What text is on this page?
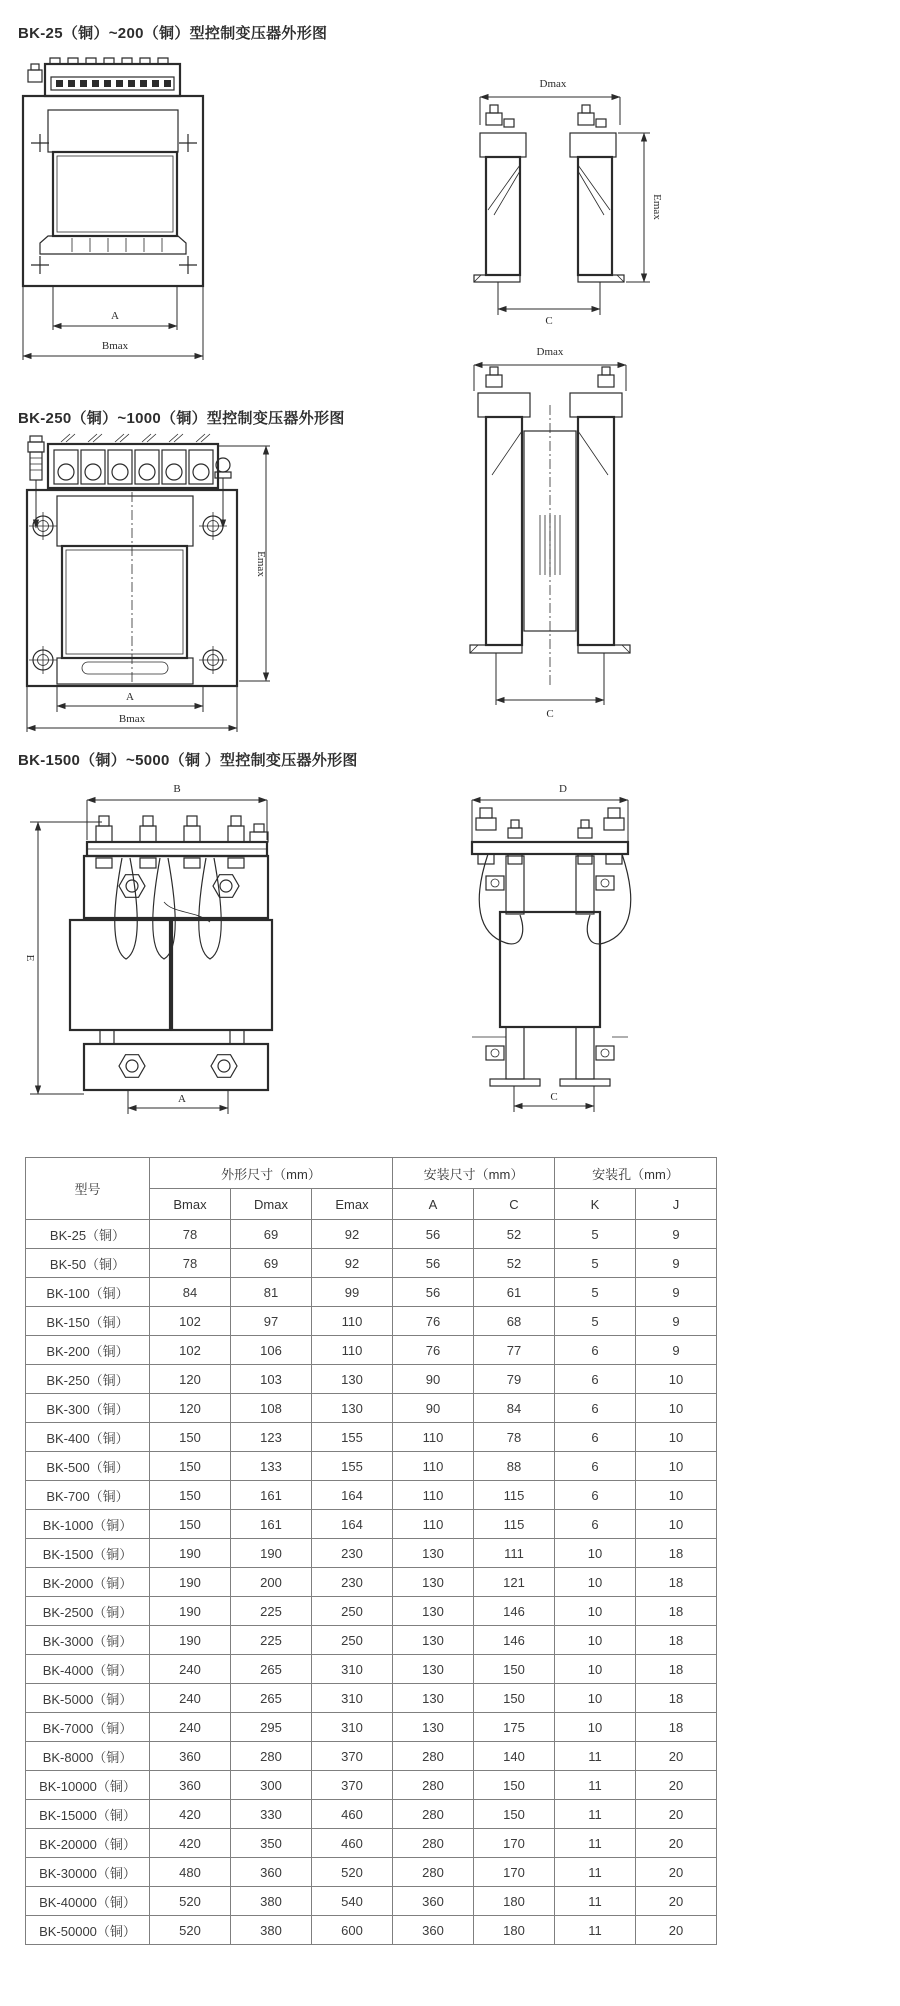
BK-25（铜）~200（铜）型控制变压器外形图
A
Bmax
Dmax
Emax
C
BK-250（铜）~1000（铜）型控制变压器外形图
Emax
A
Bmax
Dmax
C
BK-1500（铜）~5000（铜 ）型控制变压器外形图
B
E
A
D
C
型号	外形尺寸（mm）			安装尺寸（mm）		安装孔（mm）	
	Bmax	Dmax	Emax	A	C	K	J
BK-25（铜）	78	69	92	56	52	5	9
BK-50（铜）	78	69	92	56	52	5	9
BK-100（铜）	84	81	99	56	61	5	9
BK-150（铜）	102	97	110	76	68	5	9
BK-200（铜）	102	106	110	76	77	6	9
BK-250（铜）	120	103	130	90	79	6	10
BK-300（铜）	120	108	130	90	84	6	10
BK-400（铜）	150	123	155	110	78	6	10
BK-500（铜）	150	133	155	110	88	6	10
BK-700（铜）	150	161	164	110	115	6	10
BK-1000（铜）	150	161	164	110	115	6	10
BK-1500（铜）	190	190	230	130	111	10	18
BK-2000（铜）	190	200	230	130	121	10	18
BK-2500（铜）	190	225	250	130	146	10	18
BK-3000（铜）	190	225	250	130	146	10	18
BK-4000（铜）	240	265	310	130	150	10	18
BK-5000（铜）	240	265	310	130	150	10	18
BK-7000（铜）	240	295	310	130	175	10	18
BK-8000（铜）	360	280	370	280	140	11	20
BK-10000（铜）	360	300	370	280	150	11	20
BK-15000（铜）	420	330	460	280	150	11	20
BK-20000（铜）	420	350	460	280	170	11	20
BK-30000（铜）	480	360	520	280	170	11	20
BK-40000（铜）	520	380	540	360	180	11	20
BK-50000（铜）	520	380	600	360	180	11	20
